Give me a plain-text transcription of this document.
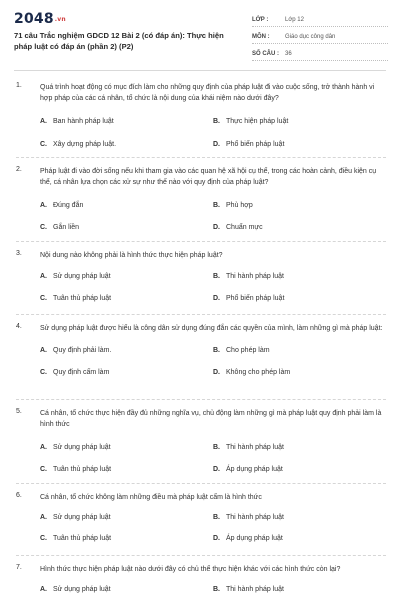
2048.vn
71 câu Trắc nghiệm GDCD 12 Bài 2 (có đáp án): Thực hiện pháp luật có đáp án (phần 2) (P2)
LỚP :	Lớp 12
MÔN :	Giáo dục công dân
SỐ CÂU :	36
1.	Quá trình hoạt động có mục đích làm cho những quy định của pháp luật đi vào cuộc sống, trở thành hành vi hợp pháp của các cá nhân, tổ chức là nội dung của khái niệm nào dưới đây?
A. Ban hành pháp luật	B. Thực hiện pháp luật
C. Xây dựng pháp luật.	D. Phổ biến pháp luật
2.	Pháp luật đi vào đời sống nếu khi tham gia vào các quan hệ xã hội cụ thể, trong các hoàn cảnh, điều kiện cụ thể, cá nhân lựa chọn các xử sự như thế nào với quy định của pháp luật?
A. Đúng đắn	B. Phù hợp
C. Gắn liền	D. Chuẩn mực
3.	Nội dung nào không phải là hình thức thực hiện pháp luật?
A. Sử dụng pháp luật	B. Thi hành pháp luật
C. Tuân thủ pháp luật	D. Phổ biến pháp luật
4.	Sử dụng pháp luật được hiểu là công dân sử dụng đúng đắn các quyền của mình, làm những gì mà pháp luật:
A. Quy định phải làm.	B. Cho phép làm
C. Quy định cấm làm	D. Không cho phép làm
5.	Cá nhân, tổ chức thực hiện đầy đủ những nghĩa vụ, chủ động làm những gì mà pháp luật quy định phải làm là hình thức
A. Sử dụng pháp luật	B. Thi hành pháp luật
C. Tuân thủ pháp luật	D. Áp dụng pháp luật
6.	Cá nhân, tổ chức không làm những điều mà pháp luật cấm là hình thức
A. Sử dụng pháp luật	B. Thi hành pháp luật
C. Tuân thủ pháp luật	D. Áp dụng pháp luật
7.	Hình thức thực hiện pháp luật nào dưới đây có chủ thể thực hiện khác với các hình thức còn lại?
A. Sử dụng pháp luật	B. Thi hành pháp luật
